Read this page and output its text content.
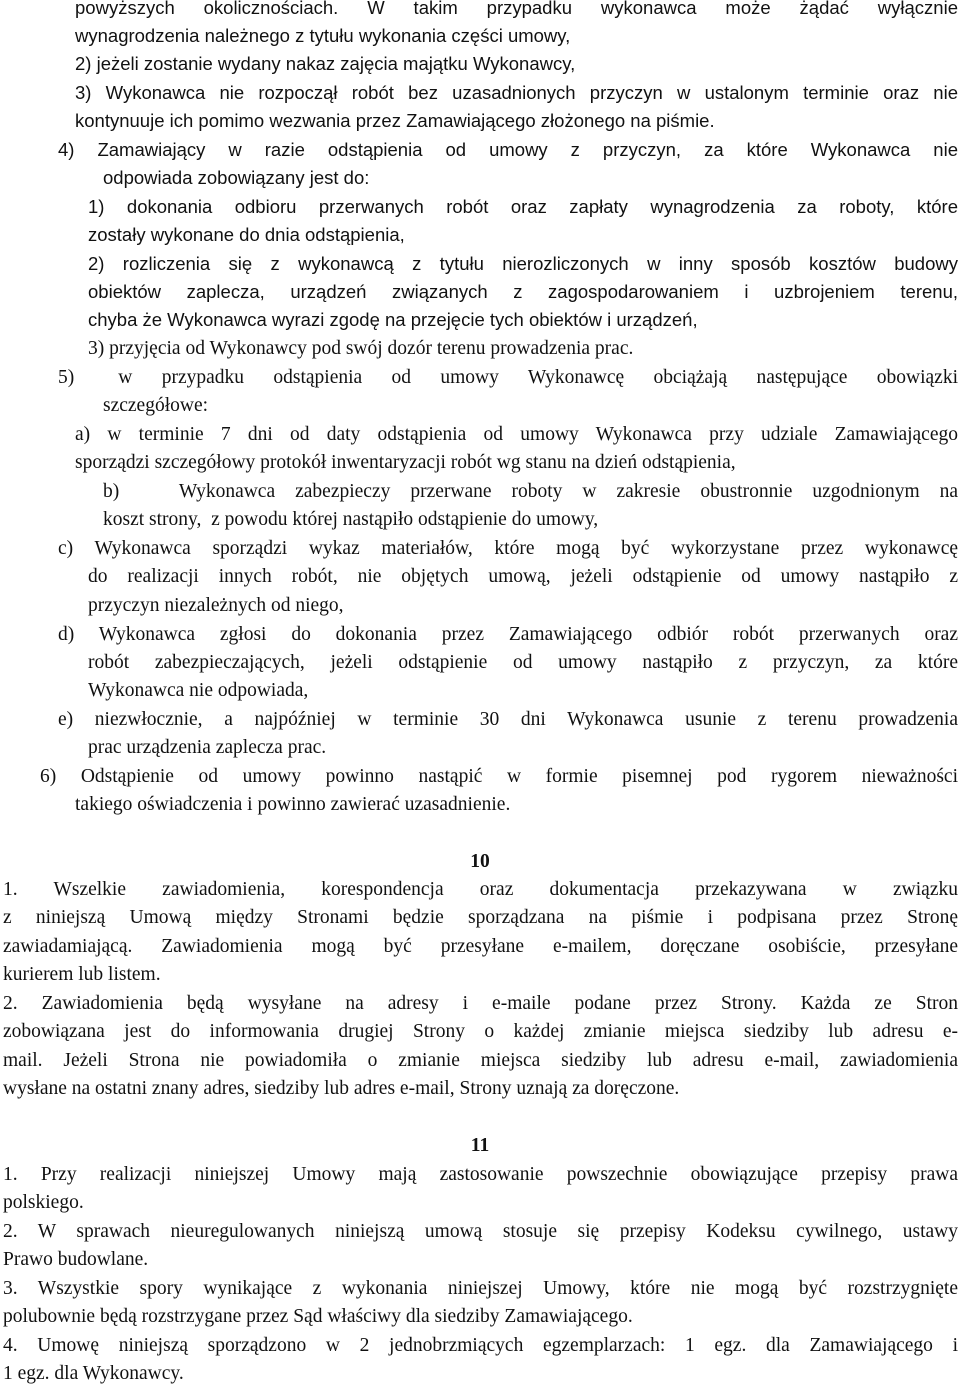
powyższych okolicznościach. W takim przypadku wykonawca może żądać wyłącznie
wynagrodzenia należnego z tytułu wykonania części umowy,
2) jeżeli zostanie wydany nakaz zajęcia majątku Wykonawcy,
3) Wykonawca nie rozpoczął robót bez uzasadnionych przyczyn w ustalonym terminie oraz nie
kontynuuje ich pomimo wezwania przez Zamawiającego złożonego na piśmie.
4)  Zamawiający  w  razie  odstąpienia  od  umowy  z  przyczyn,  za  które  Wykonawca  nie
odpowiada zobowiązany jest do:
1) dokonania odbioru przerwanych robót oraz zapłaty wynagrodzenia za roboty, które
zostały wykonane do dnia odstąpienia,
2) rozliczenia się z wykonawcą z tytułu nierozliczonych w inny sposób kosztów budowy
obiektów zaplecza, urządzeń związanych z zagospodarowaniem i uzbrojeniem terenu,
chyba że Wykonawca wyrazi zgodę na przejęcie tych obiektów i urządzeń,
3) przyjęcia od Wykonawcy pod swój dozór terenu prowadzenia prac.
5)   w  przypadku  odstąpienia  od  umowy  Wykonawcę  obciążają  następujące  obowiązki
szczegółowe:
a) w terminie 7 dni od daty odstąpienia od umowy Wykonawca przy udziale Zamawiającego
sporządzi szczegółowy protokół inwentaryzacji robót wg stanu na dzień odstąpienia,
b)   Wykonawca zabezpieczy przerwane roboty w zakresie obustronnie uzgodnionym na
koszt strony,  z powodu której nastąpiło odstąpienie do umowy,
c) Wykonawca sporządzi wykaz materiałów, które mogą być wykorzystane przez wykonawcę
do realizacji innych robót, nie objętych umową, jeżeli odstąpienie od umowy nastąpiło z
przyczyn niezależnych od niego,
d) Wykonawca zgłosi do dokonania przez Zamawiającego odbiór robót przerwanych oraz
robót zabezpieczających, jeżeli odstąpienie od umowy nastąpiło z przyczyn, za które
Wykonawca nie odpowiada,
e) niezwłocznie, a najpóźniej w terminie 30 dni Wykonawca usunie z terenu prowadzenia
prac urządzenia zaplecza prac.
6) Odstąpienie od umowy powinno nastąpić w formie pisemnej pod rygorem nieważności
takiego oświadczenia i powinno zawierać uzasadnienie.
10
1. Wszelkie zawiadomienia, korespondencja oraz dokumentacja przekazywana w związku
z niniejszą Umową między Stronami będzie sporządzana na piśmie i podpisana przez Stronę
zawiadamiającą. Zawiadomienia mogą być przesyłane e-mailem, doręczane osobiście, przesyłane
kurierem lub listem.
2. Zawiadomienia będą wysyłane na adresy i e-maile podane przez Strony. Każda ze Stron
zobowiązana jest do informowania drugiej Strony o każdej zmianie miejsca siedziby lub adresu e-
mail. Jeżeli Strona nie powiadomiła o zmianie miejsca siedziby lub adresu e-mail, zawiadomienia
wysłane na ostatni znany adres, siedziby lub adres e-mail, Strony uznają za doręczone.
11
1. Przy realizacji niniejszej Umowy mają zastosowanie powszechnie obowiązujące przepisy prawa
polskiego.
2. W sprawach nieuregulowanych niniejszą umową stosuje się przepisy Kodeksu cywilnego, ustawy
Prawo budowlane.
3. Wszystkie spory wynikające z wykonania niniejszej Umowy, które nie mogą być rozstrzygnięte
polubownie będą rozstrzygane przez Sąd właściwy dla siedziby Zamawiającego.
4. Umowę niniejszą sporządzono w 2 jednobrzmiących egzemplarzach: 1 egz. dla Zamawiającego i
1 egz. dla Wykonawcy.
